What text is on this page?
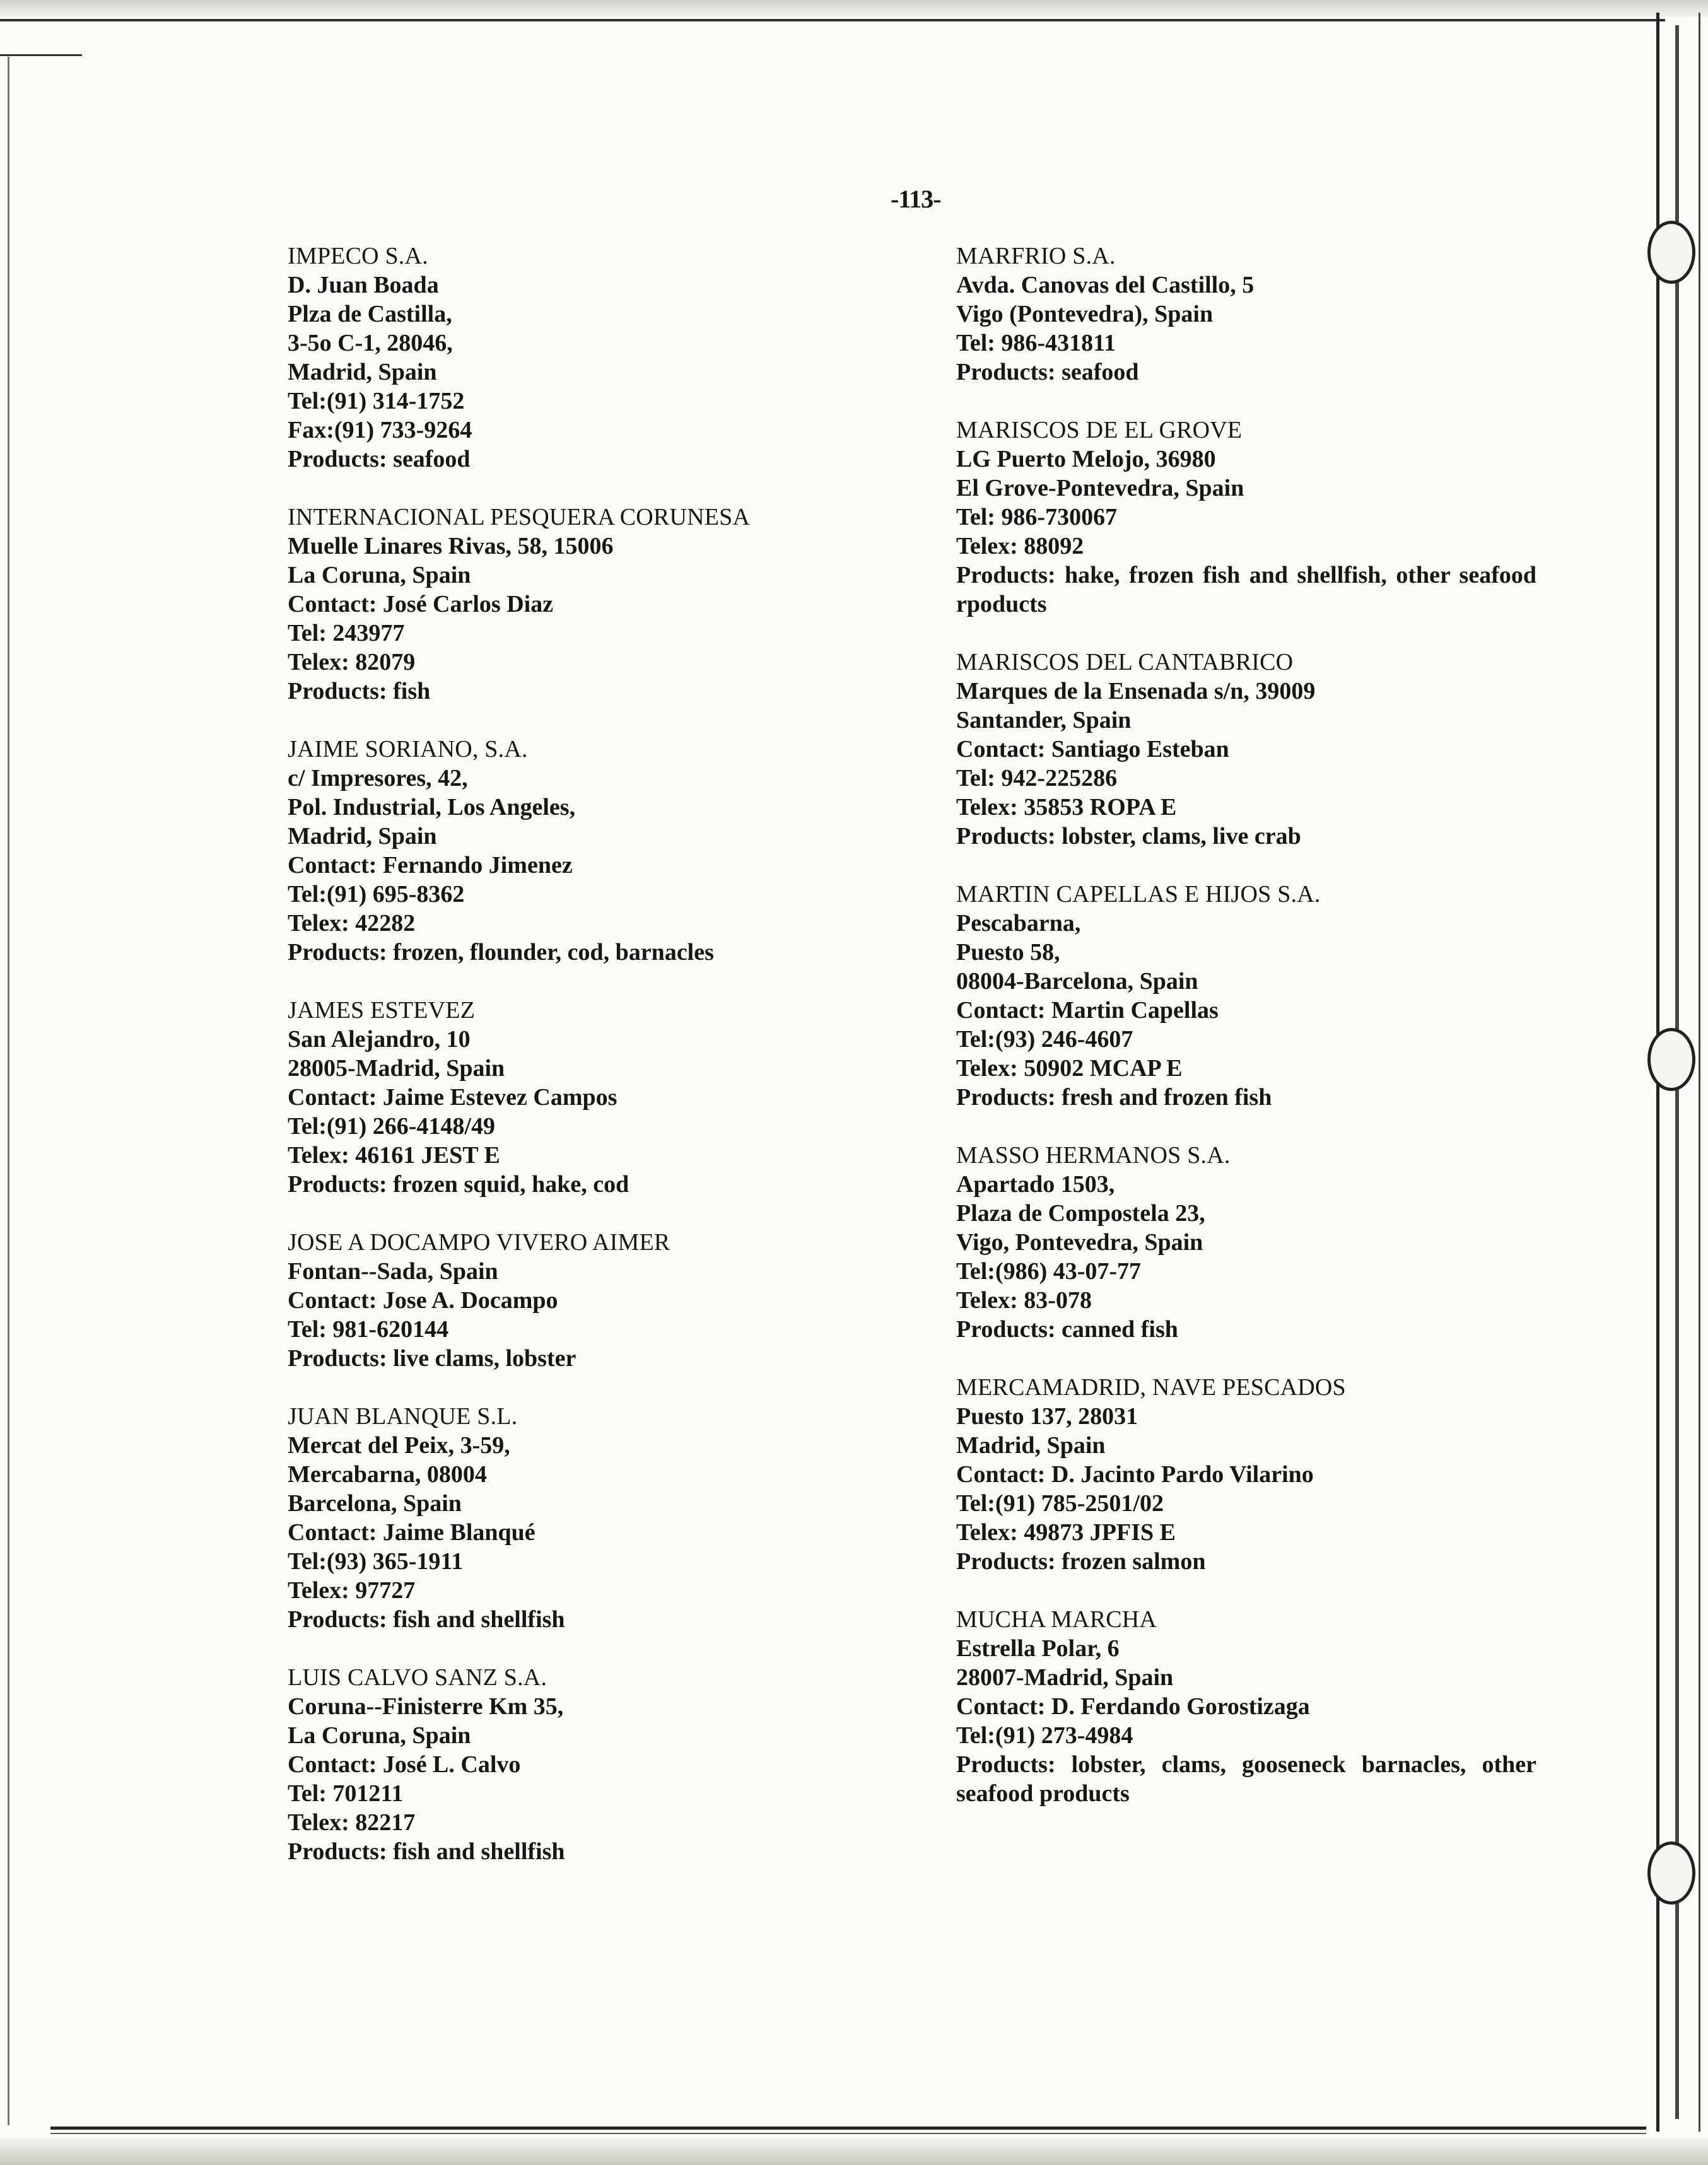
-113-
IMPECO S.A.
D. Juan Boada
Plza de Castilla,
3-5o C-1, 28046,
Madrid, Spain
Tel:(91) 314-1752
Fax:(91) 733-9264
Products: seafood
INTERNACIONAL PESQUERA CORUNESA
Muelle Linares Rivas, 58, 15006
La Coruna, Spain
Contact: José Carlos Diaz
Tel: 243977
Telex: 82079
Products: fish
JAIME SORIANO, S.A.
c/ Impresores, 42,
Pol. Industrial, Los Angeles,
Madrid, Spain
Contact: Fernando Jimenez
Tel:(91) 695-8362
Telex: 42282
Products: frozen, flounder, cod, barnacles
JAMES ESTEVEZ
San Alejandro, 10
28005-Madrid, Spain
Contact: Jaime Estevez Campos
Tel:(91) 266-4148/49
Telex: 46161 JEST E
Products: frozen squid, hake, cod
JOSE A DOCAMPO VIVERO AIMER
Fontan--Sada, Spain
Contact: Jose A. Docampo
Tel: 981-620144
Products: live clams, lobster
JUAN BLANQUE S.L.
Mercat del Peix, 3-59,
Mercabarna, 08004
Barcelona, Spain
Contact: Jaime Blanqué
Tel:(93) 365-1911
Telex: 97727
Products: fish and shellfish
LUIS CALVO SANZ S.A.
Coruna--Finisterre Km 35,
La Coruna, Spain
Contact: José L. Calvo
Tel: 701211
Telex: 82217
Products: fish and shellfish
MARFRIO S.A.
Avda. Canovas del Castillo, 5
Vigo (Pontevedra), Spain
Tel: 986-431811
Products: seafood
MARISCOS DE EL GROVE
LG Puerto Melojo, 36980
El Grove-Pontevedra, Spain
Tel: 986-730067
Telex: 88092
Products: hake, frozen fish and shellfish, other seafood rpoducts
MARISCOS DEL CANTABRICO
Marques de la Ensenada s/n, 39009
Santander, Spain
Contact: Santiago Esteban
Tel: 942-225286
Telex: 35853 ROPA E
Products: lobster, clams, live crab
MARTIN CAPELLAS E HIJOS S.A.
Pescabarna,
Puesto 58,
08004-Barcelona, Spain
Contact: Martin Capellas
Tel:(93) 246-4607
Telex: 50902 MCAP E
Products: fresh and frozen fish
MASSO HERMANOS S.A.
Apartado 1503,
Plaza de Compostela 23,
Vigo, Pontevedra, Spain
Tel:(986) 43-07-77
Telex: 83-078
Products: canned fish
MERCAMADRID, NAVE PESCADOS
Puesto 137, 28031
Madrid, Spain
Contact: D. Jacinto Pardo Vilarino
Tel:(91) 785-2501/02
Telex: 49873 JPFIS E
Products: frozen salmon
MUCHA MARCHA
Estrella Polar, 6
28007-Madrid, Spain
Contact: D. Ferdando Gorostizaga
Tel:(91) 273-4984
Products: lobster, clams, gooseneck barnacles, other seafood products
